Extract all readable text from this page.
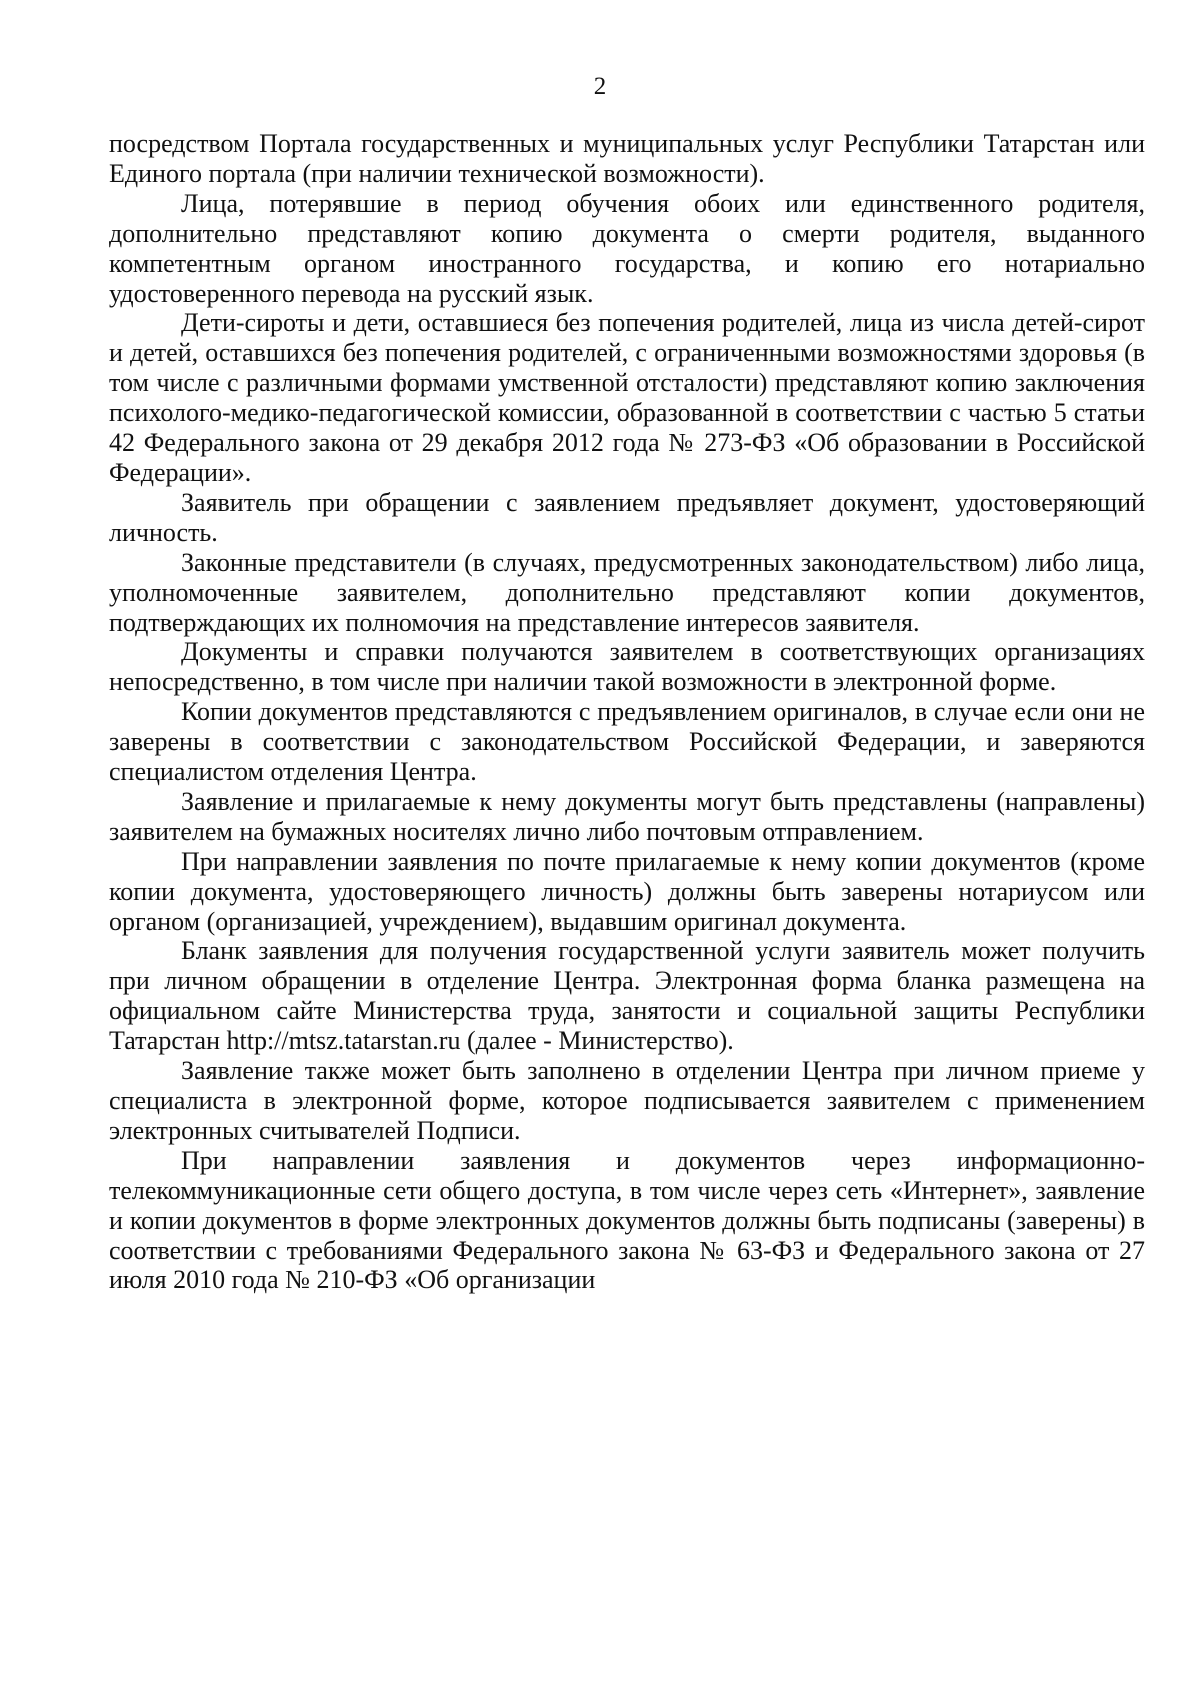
2

посредством Портала государственных и муниципальных услуг Республики Татарстан или Единого портала (при наличии технической возможности).

Лица, потерявшие в период обучения обоих или единственного родителя, дополнительно представляют копию документа о смерти родителя, выданного компетентным органом иностранного государства, и копию его нотариально удостоверенного перевода на русский язык.

Дети-сироты и дети, оставшиеся без попечения родителей, лица из числа детей-сирот и детей, оставшихся без попечения родителей, с ограниченными возможностями здоровья (в том числе с различными формами умственной отсталости) представляют копию заключения психолого-медико-педагогической комиссии, образованной в соответствии с частью 5 статьи 42 Федерального закона от 29 декабря 2012 года № 273-ФЗ «Об образовании в Российской Федерации».

Заявитель при обращении с заявлением предъявляет документ, удостоверяющий личность.

Законные представители (в случаях, предусмотренных законодательством) либо лица, уполномоченные заявителем, дополнительно представляют копии документов, подтверждающих их полномочия на представление интересов заявителя.

Документы и справки получаются заявителем в соответствующих организациях непосредственно, в том числе при наличии такой возможности в электронной форме.

Копии документов представляются с предъявлением оригиналов, в случае если они не заверены в соответствии с законодательством Российской Федерации, и заверяются специалистом отделения Центра.

Заявление и прилагаемые к нему документы могут быть представлены (направлены) заявителем на бумажных носителях лично либо почтовым отправлением.

При направлении заявления по почте прилагаемые к нему копии документов (кроме копии документа, удостоверяющего личность) должны быть заверены нотариусом или органом (организацией, учреждением), выдавшим оригинал документа.

Бланк заявления для получения государственной услуги заявитель может получить при личном обращении в отделение Центра. Электронная форма бланка размещена на официальном сайте Министерства труда, занятости и социальной защиты Республики Татарстан http://mtsz.tatarstan.ru (далее - Министерство).

Заявление также может быть заполнено в отделении Центра при личном приеме у специалиста в электронной форме, которое подписывается заявителем с применением электронных считывателей Подписи.

При направлении заявления и документов через информационно-телекоммуникационные сети общего доступа, в том числе через сеть «Интернет», заявление и копии документов в форме электронных документов должны быть подписаны (заверены) в соответствии с требованиями Федерального закона № 63-ФЗ и Федерального закона от 27 июля 2010 года № 210-ФЗ «Об организации
